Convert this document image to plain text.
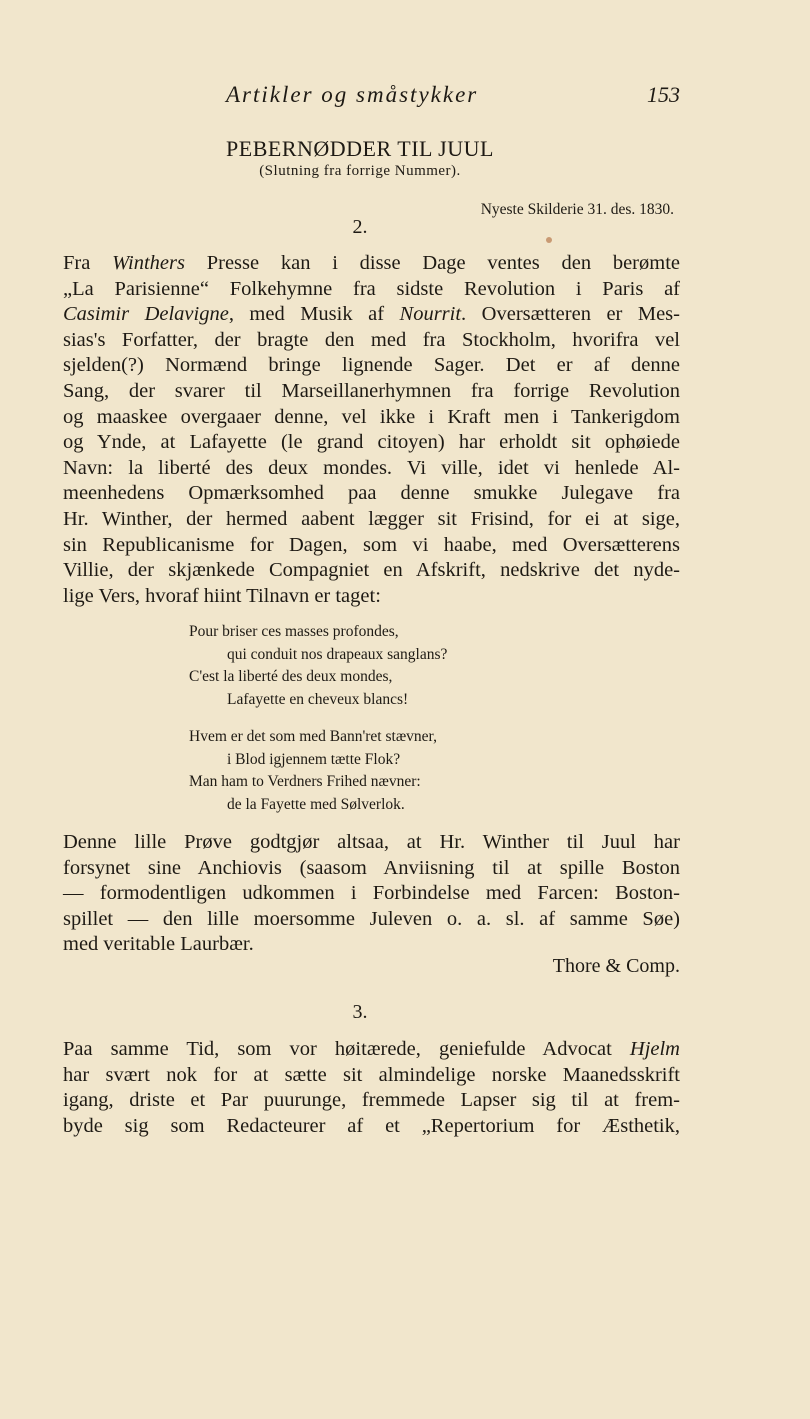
Artikler og småstykker	153
PEBERNØDDER TIL JUUL
(Slutning fra forrige Nummer).
Nyeste Skilderie 31. des. 1830.
2.
Fra Winthers Presse kan i disse Dage ventes den berømte
„La Parisienne“ Folkehymne fra sidste Revolution i Paris af
Casimir Delavigne, med Musik af Nourrit. Oversætteren er Mes-
sias's Forfatter, der bragte den med fra Stockholm, hvorifra vel
sjelden(?) Normænd bringe lignende Sager. Det er af denne
Sang, der svarer til Marseillanerhymnen fra forrige Revolution
og maaskee overgaaer denne, vel ikke i Kraft men i Tankerigdom
og Ynde, at Lafayette (le grand citoyen) har erholdt sit ophøiede
Navn: la liberté des deux mondes. Vi ville, idet vi henlede Al-
meenhedens Opmærksomhed paa denne smukke Julegave fra
Hr. Winther, der hermed aabent lægger sit Frisind, for ei at sige,
sin Republicanisme for Dagen, som vi haabe, med Oversætterens
Villie, der skjænkede Compagniet en Afskrift, nedskrive det nyde-
lige Vers, hvoraf hiint Tilnavn er taget:
Pour briser ces masses profondes,
qui conduit nos drapeaux sanglans?
C'est la liberté des deux mondes,
Lafayette en cheveux blancs!
Hvem er det som med Bann'ret stævner,
i Blod igjennem tætte Flok?
Man ham to Verdners Frihed nævner:
de la Fayette med Sølverlok.
Denne lille Prøve godtgjør altsaa, at Hr. Winther til Juul har
forsynet sine Anchiovis (saasom Anviisning til at spille Boston
— formodentligen udkommen i Forbindelse med Farcen: Boston-
spillet — den lille moersomme Juleven o. a. sl. af samme Søe)
med veritable Laurbær.
Thore & Comp.
3.
Paa samme Tid, som vor høitærede, geniefulde Advocat Hjelm
har svært nok for at sætte sit almindelige norske Maanedsskrift
igang, driste et Par puurunge, fremmede Lapser sig til at frem-
byde sig som Redacteurer af et „Repertorium for Æsthetik,
